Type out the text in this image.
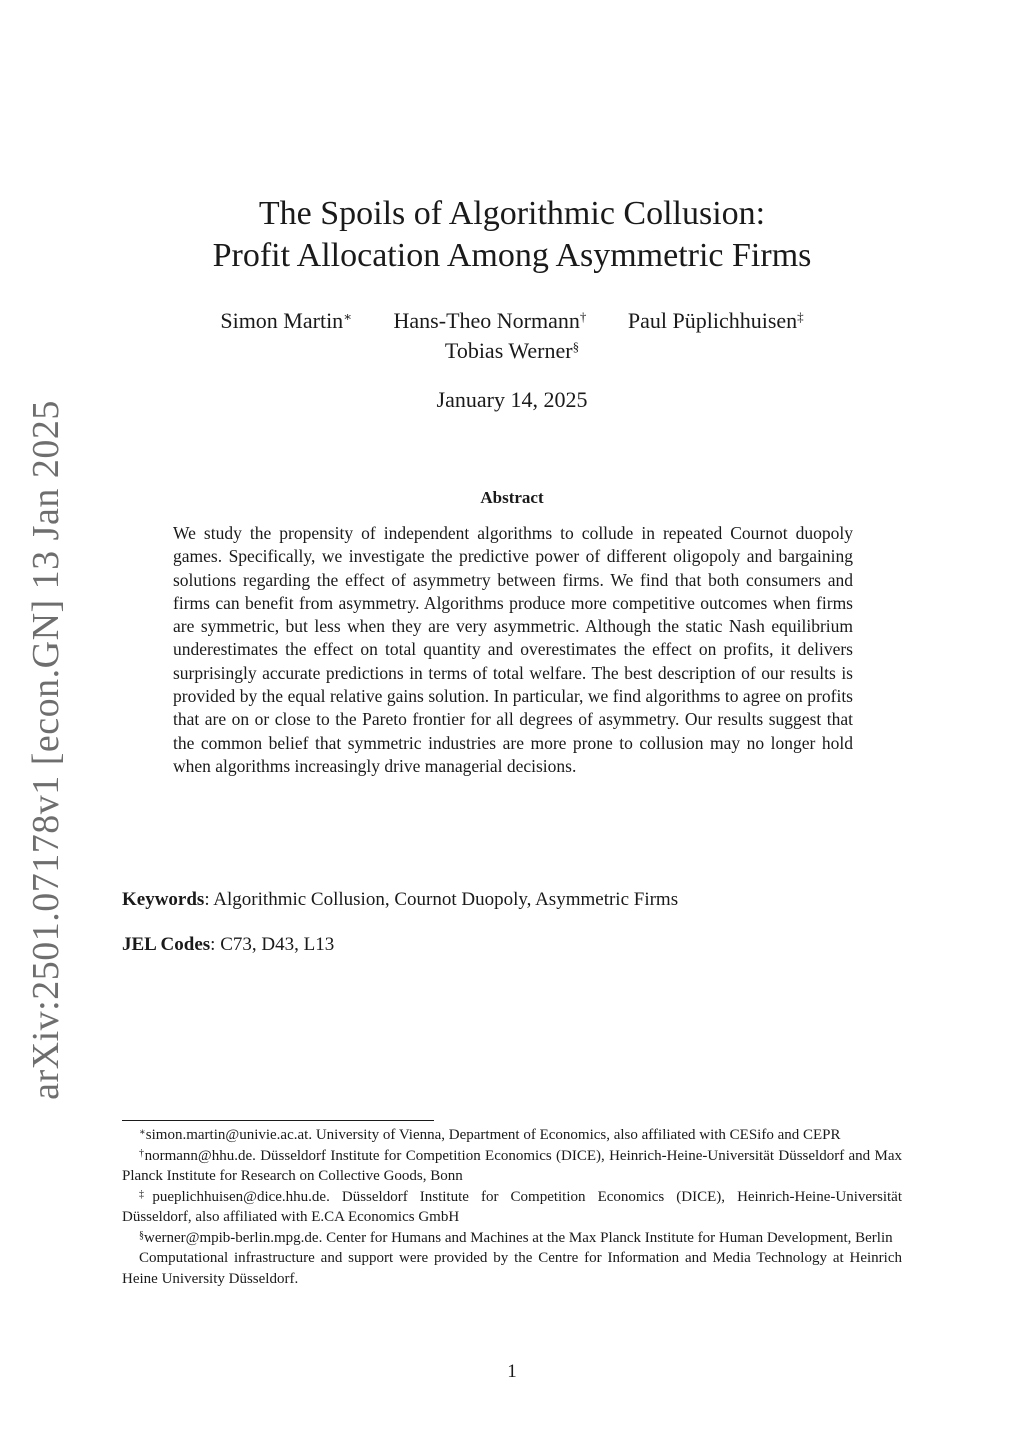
arXiv:2501.07178v1 [econ.GN] 13 Jan 2025
The Spoils of Algorithmic Collusion:
Profit Allocation Among Asymmetric Firms
Simon Martin∗ Hans-Theo Normann† Paul Püplichhuisen‡
Tobias Werner§
January 14, 2025
Abstract
We study the propensity of independent algorithms to collude in repeated Cournot duopoly games. Specifically, we investigate the predictive power of different oligopoly and bargaining solutions regarding the effect of asymmetry between firms. We find that both consumers and firms can benefit from asymmetry. Algorithms produce more competitive outcomes when firms are symmetric, but less when they are very asymmetric. Although the static Nash equilibrium underestimates the effect on total quantity and overestimates the effect on profits, it delivers surprisingly accurate predictions in terms of total welfare. The best description of our results is provided by the equal relative gains solution. In particular, we find algorithms to agree on profits that are on or close to the Pareto frontier for all degrees of asymmetry. Our results suggest that the common belief that symmetric industries are more prone to collusion may no longer hold when algorithms increasingly drive managerial decisions.
Keywords: Algorithmic Collusion, Cournot Duopoly, Asymmetric Firms
JEL Codes: C73, D43, L13

∗simon.martin@univie.ac.at. University of Vienna, Department of Economics, also affiliated with CESifo and CEPR

†normann@hhu.de. Düsseldorf Institute for Competition Economics (DICE), Heinrich-Heine-Universität Düsseldorf and Max Planck Institute for Research on Collective Goods, Bonn

‡pueplichhuisen@dice.hhu.de. Düsseldorf Institute for Competition Economics (DICE), Heinrich-Heine-Universität Düsseldorf, also affiliated with E.CA Economics GmbH

§werner@mpib-berlin.mpg.de. Center for Humans and Machines at the Max Planck Institute for Human Development, Berlin

Computational infrastructure and support were provided by the Centre for Information and Media Technology at Heinrich Heine University Düsseldorf.

1
